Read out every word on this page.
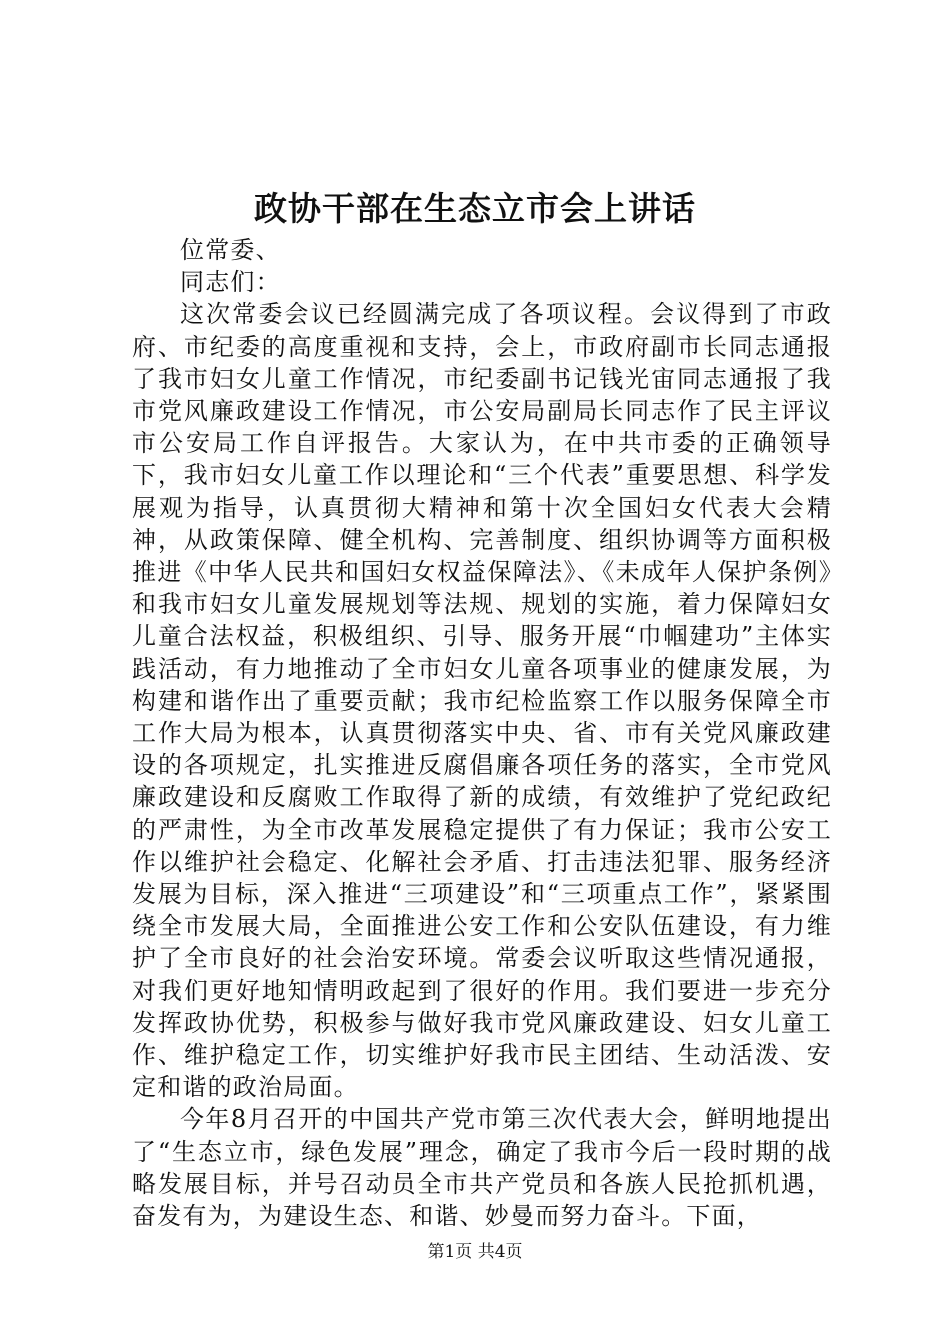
政协干部在生态立市会上讲话

位常委、

同志们：

这次常委会议已经圆满完成了各项议程。会议得到了市政府、市纪委的高度重视和支持，会上，市政府副市长同志通报了我市妇女儿童工作情况，市纪委副书记钱光宙同志通报了我市党风廉政建设工作情况，市公安局副局长同志作了民主评议市公安局工作自评报告。大家认为，在中共市委的正确领导下，我市妇女儿童工作以理论和“三个代表”重要思想、科学发展观为指导，认真贯彻大精神和第十次全国妇女代表大会精神，从政策保障、健全机构、完善制度、组织协调等方面积极推进《中华人民共和国妇女权益保障法》、《未成年人保护条例》和我市妇女儿童发展规划等法规、规划的实施，着力保障妇女儿童合法权益，积极组织、引导、服务开展“巾帼建功”主体实践活动，有力地推动了全市妇女儿童各项事业的健康发展，为构建和谐作出了重要贡献；我市纪检监察工作以服务保障全市工作大局为根本，认真贯彻落实中央、省、市有关党风廉政建设的各项规定，扎实推进反腐倡廉各项任务的落实，全市党风廉政建设和反腐败工作取得了新的成绩，有效维护了党纪政纪的严肃性，为全市改革发展稳定提供了有力保证；我市公安工作以维护社会稳定、化解社会矛盾、打击违法犯罪、服务经济发展为目标，深入推进“三项建设”和“三项重点工作”，紧紧围绕全市发展大局，全面推进公安工作和公安队伍建设，有力维护了全市良好的社会治安环境。常委会议听取这些情况通报，对我们更好地知情明政起到了很好的作用。我们要进一步充分发挥政协优势，积极参与做好我市党风廉政建设、妇女儿童工作、维护稳定工作，切实维护好我市民主团结、生动活泼、安定和谐的政治局面。

今年8月召开的中国共产党市第三次代表大会，鲜明地提出了“生态立市，绿色发展”理念，确定了我市今后一段时期的战略发展目标，并号召动员全市共产党员和各族人民抢抓机遇，奋发有为，为建设生态、和谐、妙曼而努力奋斗。下面，

第1页 共4页
